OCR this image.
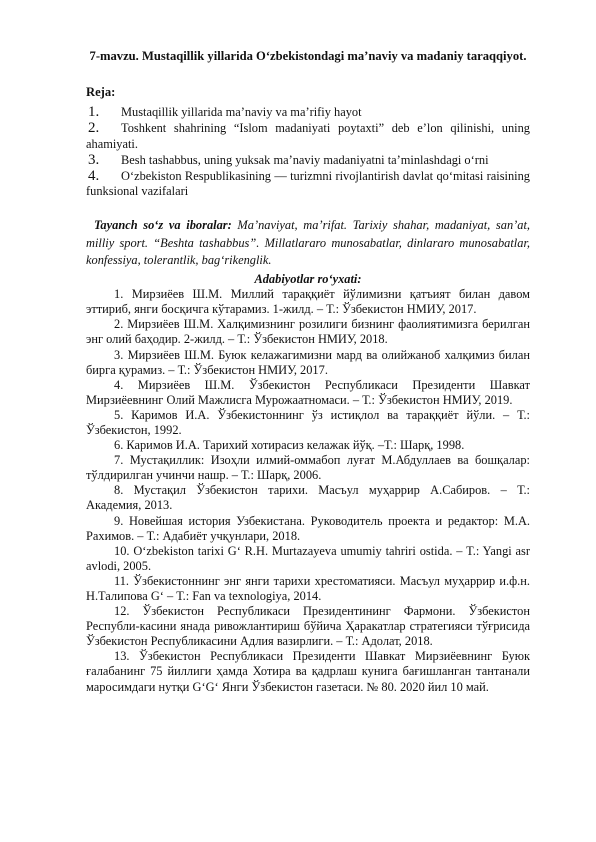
7-mavzu. Mustaqillik yillarida O‘zbekistondagi ma’naviy va madaniy taraqqiyot.

Reja:

1. Mustaqillik yillarida ma’naviy va ma’rifiy hayot

2. Toshkent shahrining “Islom madaniyati poytaxti” deb e’lon qilinishi, uning ahamiyati.

3. Besh tashabbus, uning yuksak ma’naviy madaniyatni ta’minlashdagi o‘rni

4. O‘zbekiston Respublikasining — turizmni rivojlantirish davlat qo‘mitasi raisining funksional vazifalari

Tayanch so‘z va iboralar: Ma’naviyat, ma’rifat. Tarixiy shahar, madaniyat, san’at, milliy sport. “Beshta tashabbus”. Millatlararo munosabatlar, dinlararo munosabatlar, konfessiya, tolerantlik, bag‘rikenglik.

Adabiyotlar ro‘yxati:

1. Мирзиёев Ш.М. Миллий тараққиёт йўлимизни қатъият билан давом эттириб, янги босқичга кўтарамиз. 1-жилд. – Т.: Ўзбекистон НМИУ, 2017.

2. Мирзиёев Ш.М. Халқимизнинг розилиги бизнинг фаолиятимизга берилган энг олий баҳодир. 2-жилд. – Т.: Ўзбекистон НМИУ, 2018.

3. Мирзиёев Ш.М. Буюк келажагимизни мард ва олийжаноб халқимиз билан бирга қурамиз. – Т.: Ўзбекистон НМИУ, 2017.

4. Мирзиёев Ш.М. Ўзбекистон Республикаси Президенти Шавкат Мирзиёевнинг Олий Мажлисга Мурожаатномаси. – Т.: Ўзбекистон НМИУ, 2019.

5. Каримов И.А. Ўзбекистоннинг ўз истиқлол ва тараққиёт йўли. – Т.: Ўзбекистон, 1992.

6. Каримов И.А. Тарихий хотирасиз келажак йўқ. –Т.: Шарқ, 1998.

7. Мустақиллик: Изоҳли илмий-оммабоп луғат М.Абдуллаев ва бошқалар: тўлдирилган учинчи нашр. – Т.: Шарқ, 2006.

8. Мустақил Ўзбекистон тарихи. Масъул муҳаррир А.Сабиров. – Т.: Академия, 2013.

9. Новейшая история Узбекистана. Руководитель проекта и редактор: М.А. Рахимов. – Т.: Адабиёт учқунлари, 2018.

10. O‘zbekiston tarixi G‘ R.H. Murtazayeva umumiy tahriri ostida. – T.: Yangi asr avlodi, 2005.

11. Ўзбекистоннинг энг янги тарихи хрестоматияси. Масъул муҳаррир и.ф.н. Н.Талипова G‘ – Т.: Fan va texnologiya, 2014.

12. Ўзбекистон Республикаси Президентининг Фармони. Ўзбекистон Республи-касини янада ривожлантириш бўйича Ҳаракатлар стратегияси тўғрисида Ўзбекистон Республикасини Адлия вазирлиги. – Т.: Адолат, 2018.

13. Ўзбекистон Республикаси Президенти Шавкат Мирзиёевнинг Буюк ғалабанинг 75 йиллиги ҳамда Хотира ва қадрлаш кунига бағишланган тантанали маросимдаги нутқи G‘G‘ Янги Ўзбекистон газетаси. № 80. 2020 йил 10 май.
